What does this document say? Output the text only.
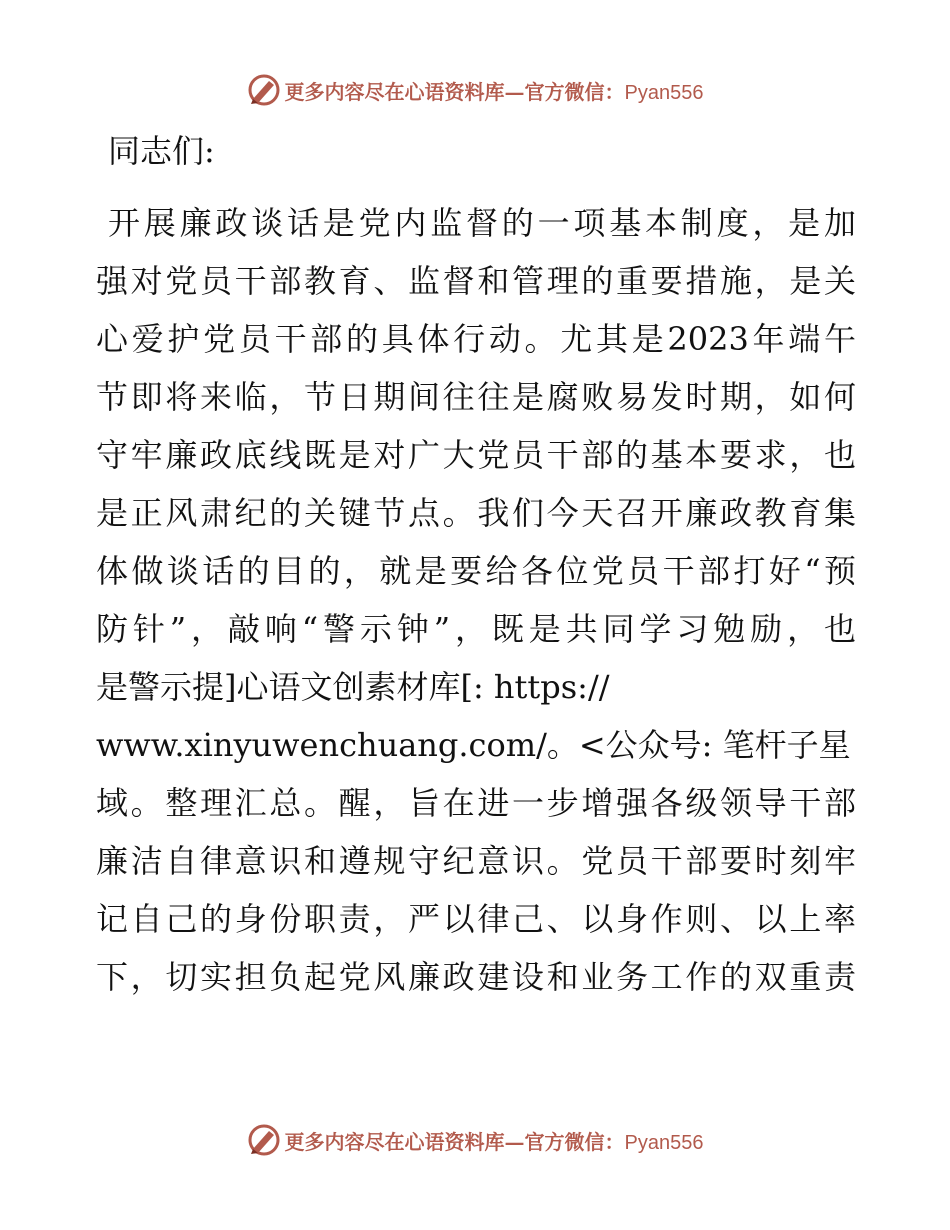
更多内容尽在心语资料库—官方微信：Pyan556
同志们:
开展廉政谈话是党内监督的一项基本制度，是加
强对党员干部教育、监督和管理的重要措施，是关
心爱护党员干部的具体行动。尤其是2023年端午
节即将来临，节日期间往往是腐败易发时期，如何
守牢廉政底线既是对广大党员干部的基本要求，也
是正风肃纪的关键节点。我们今天召开廉政教育集
体做谈话的目的，就是要给各位党员干部打好“预
防针”，敲响“警示钟”，既是共同学习勉励，也
是警示提]心语文创素材库[: https://
www.xinyuwenchuang.com/。<公众号: 笔杆子星
域。整理汇总。醒，旨在进一步增强各级领导干部
廉洁自律意识和遵规守纪意识。党员干部要时刻牢
记自己的身份职责，严以律己、以身作则、以上率
下，切实担负起党风廉政建设和业务工作的双重责
更多内容尽在心语资料库—官方微信：Pyan556
